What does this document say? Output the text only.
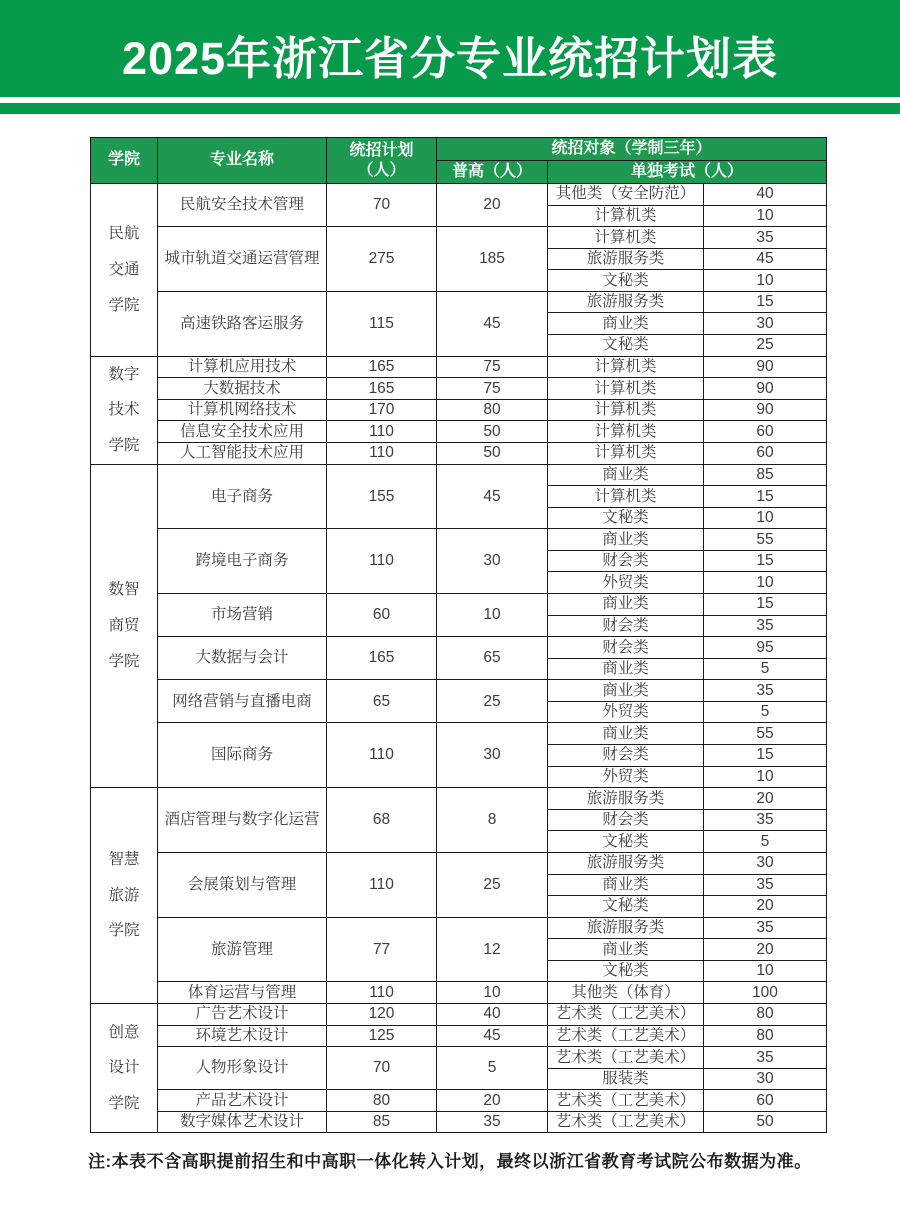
2025年浙江省分专业统招计划表
学院	专业名称	统招计划（人）	统招对象（学制三年）		
			普高（人）	单独考试（人）	
民航交通学院	民航安全技术管理	70	20	其他类（安全防范）	40
				计算机类	10
	城市轨道交通运营管理	275	185	计算机类	35
				旅游服务类	45
				文秘类	10
	高速铁路客运服务	115	45	旅游服务类	15
				商业类	30
				文秘类	25
数字技术学院	计算机应用技术	165	75	计算机类	90
	大数据技术	165	75	计算机类	90
	计算机网络技术	170	80	计算机类	90
	信息安全技术应用	110	50	计算机类	60
	人工智能技术应用	110	50	计算机类	60
数智商贸学院	电子商务	155	45	商业类	85
				计算机类	15
				文秘类	10
	跨境电子商务	110	30	商业类	55
				财会类	15
				外贸类	10
	市场营销	60	10	商业类	15
				财会类	35
	大数据与会计	165	65	财会类	95
				商业类	5
	网络营销与直播电商	65	25	商业类	35
				外贸类	5
	国际商务	110	30	商业类	55
				财会类	15
				外贸类	10
智慧旅游学院	酒店管理与数字化运营	68	8	旅游服务类	20
				财会类	35
				文秘类	5
	会展策划与管理	110	25	旅游服务类	30
				商业类	35
				文秘类	20
	旅游管理	77	12	旅游服务类	35
				商业类	20
				文秘类	10
	体育运营与管理	110	10	其他类（体育）	100
创意设计学院	广告艺术设计	120	40	艺术类（工艺美术）	80
	环境艺术设计	125	45	艺术类（工艺美术）	80
	人物形象设计	70	5	艺术类（工艺美术）	35
				服装类	30
	产品艺术设计	80	20	艺术类（工艺美术）	60
	数字媒体艺术设计	85	35	艺术类（工艺美术）	50
注:本表不含高职提前招生和中高职一体化转入计划，最终以浙江省教育考试院公布数据为准。
